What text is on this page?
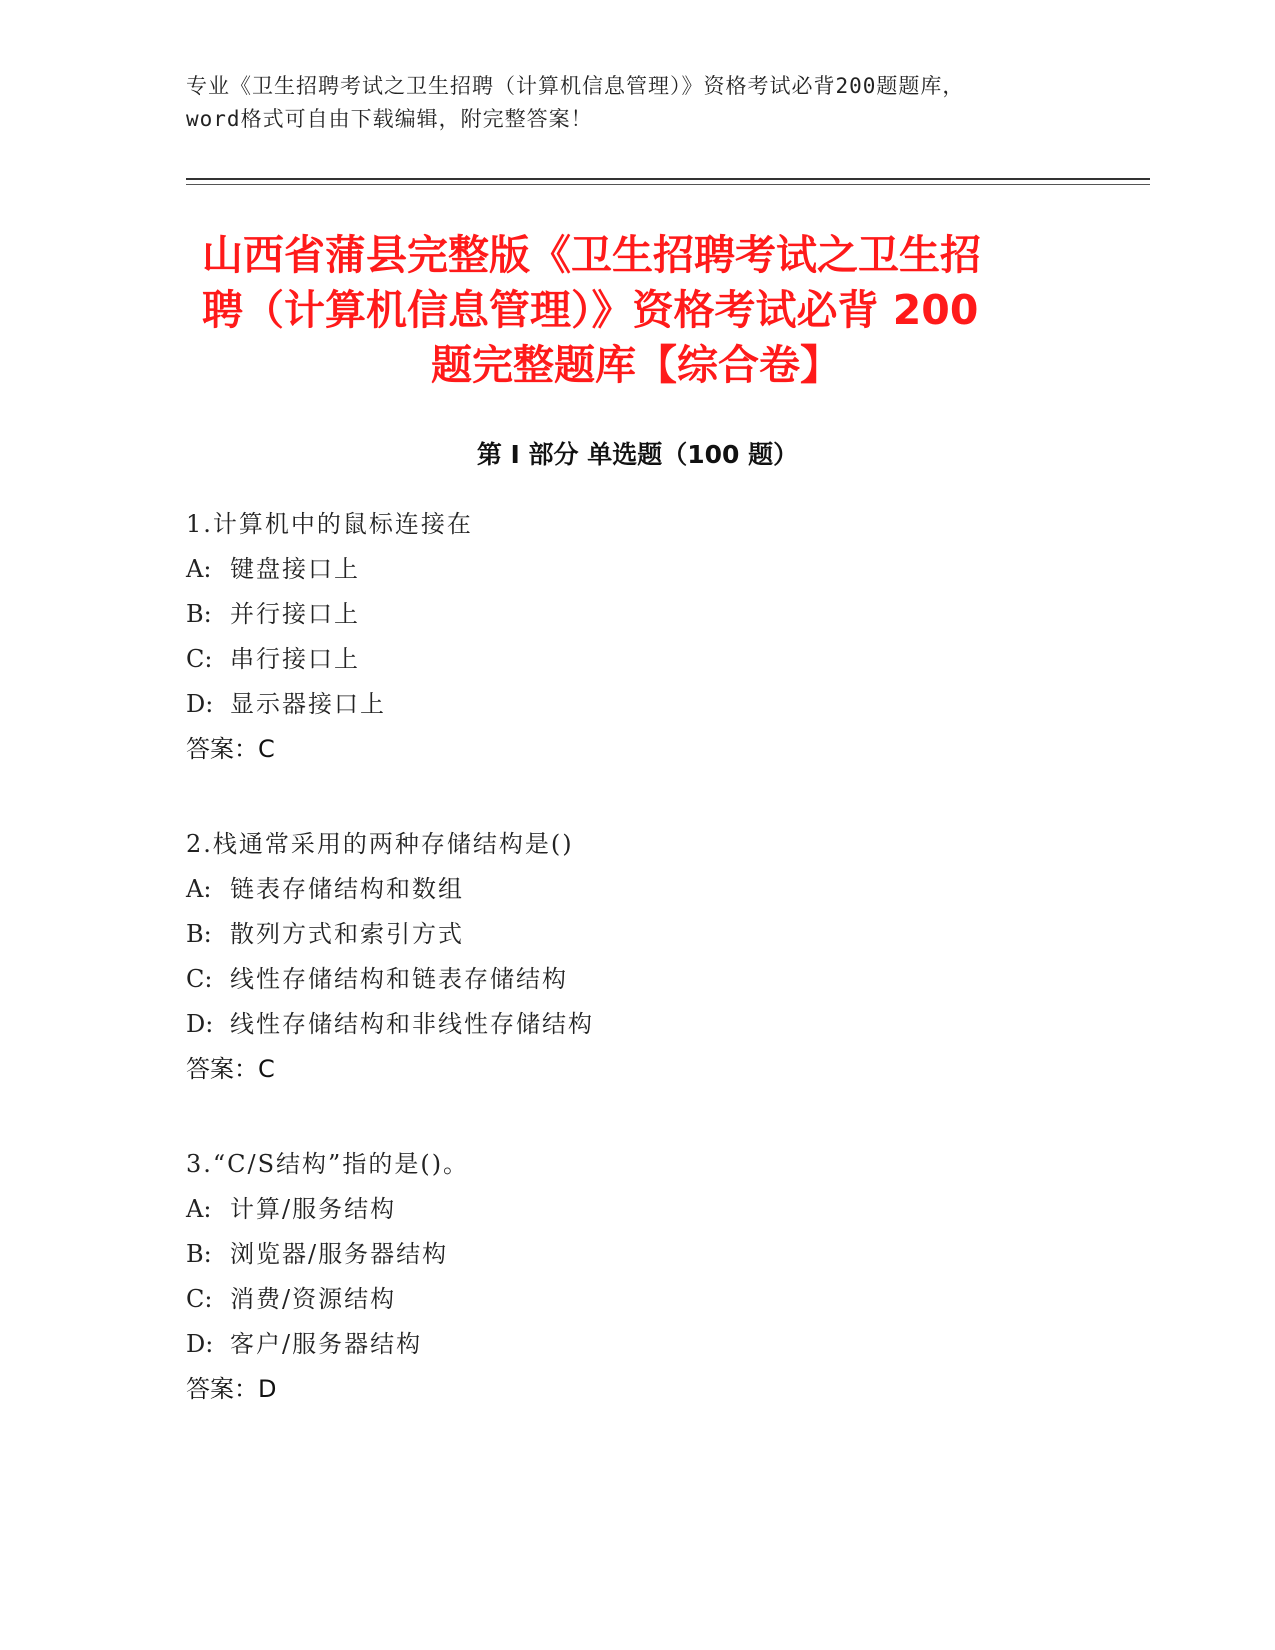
专业《卫生招聘考试之卫生招聘（计算机信息管理）》资格考试必背200题题库，
word格式可自由下载编辑，附完整答案！
山西省蒲县完整版《卫生招聘考试之卫生招
聘（计算机信息管理）》资格考试必背 200
题完整题库【综合卷】
第 I 部分 单选题（100 题）
1.计算机中的鼠标连接在
A: 键盘接口上
B: 并行接口上
C: 串行接口上
D: 显示器接口上
答案：C
2.栈通常采用的两种存储结构是()
A: 链表存储结构和数组
B: 散列方式和索引方式
C: 线性存储结构和链表存储结构
D: 线性存储结构和非线性存储结构
答案：C
3.“C/S结构”指的是()。
A: 计算/服务结构
B: 浏览器/服务器结构
C: 消费/资源结构
D: 客户/服务器结构
答案：D
